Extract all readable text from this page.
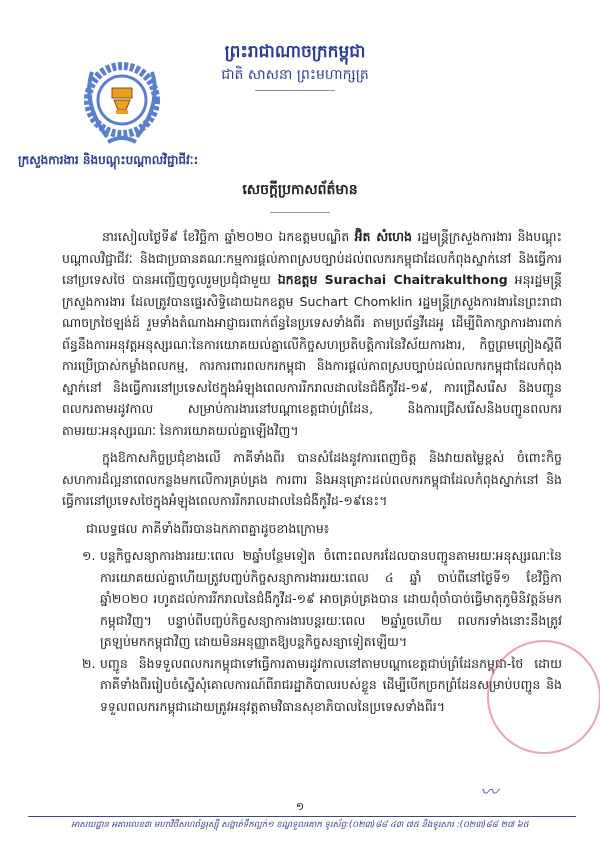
ព្រះរាជាណាចក្រកម្ពុជា
ជាតិ សាសនា ព្រះមហាក្សត្រ
ក្រសួងការងារ និងបណ្តុះបណ្តាលវិជ្ជាជីវៈ:
សេចក្តីប្រកាសព័ត៌មាន

នារសៀលថ្ងៃទី៩ ខែវិច្ឆិកា ឆ្នាំ២០២០ ឯកឧត្តមបណ្ឌិត អ៊ិត សំហេង រដ្ឋមន្ត្រីក្រសួងការងារ និងបណ្តុះបណ្តាលវិជ្ជាជីវៈ និងជាប្រធានគណៈកម្មការផ្តល់ភាពស្របច្បាប់ដល់ពលករកម្ពុជាដែលកំពុងស្នាក់នៅ និងធ្វើការនៅប្រទេសថៃ បានអញ្ជើញចូលរួមប្រជុំជាមួយ ឯកឧត្តម Surachai Chaitrakulthong អនុរដ្ឋមន្ត្រីក្រសួងការងារ ដែលត្រូវបានផ្ទេរសិទ្ធិដោយឯកឧត្តម Suchart Chomklin រដ្ឋមន្ត្រីក្រសួងការងារនៃព្រះរាជាណាចក្រថៃឡង់ដ៍ រួមទាំងតំណាងអាជ្ញាធរពាក់ព័ន្ធនៃប្រទេសទាំងពីរ តាមប្រព័ន្ធវីដេអូ ដើម្បីពិភាក្សាការងារពាក់ព័ន្ធនឹងការអនុវត្តអនុស្សរណៈនៃការយោគយល់គ្នាលើកិច្ចសហប្រតិបត្តិការនៃវិស័យការងារ, កិច្ចព្រមព្រៀងស្តីពីការប្រើប្រាស់កម្លាំងពលកម្ម, ការការពារពលករកម្ពុជា និងការផ្តល់ភាពស្របច្បាប់ដល់ពលករកម្ពុជាដែលកំពុងស្នាក់នៅ និងធ្វើការនៅប្រទេសថៃក្នុងអំឡុងពេលការរីករាលដាលនៃជំងឺកូវីដ-១៩, ការជ្រើសរើស និងបញ្ជូនពលករតាមរដូវកាល សម្រាប់ការងារនៅបណ្តាខេត្តជាប់ព្រំដែន, និងការជ្រើសរើសនិងបញ្ជូនពលករតាមរយៈអនុស្សរណៈ នៃការយោគយល់គ្នាឡើងវិញ។

ក្នុងឱកាសកិច្ចប្រជុំខាងលើ ភាគីទាំងពីរ បានសំដែងនូវការពេញចិត្ត និងវាយតម្លៃខ្ពស់ ចំពោះកិច្ចសហការដ៏ល្អនាពេលកន្លងមកលើការគ្រប់គ្រង ការពារ និងអនុគ្រោះដល់ពលករកម្ពុជាដែលកំពុងស្នាក់នៅ និងធ្វើការនៅប្រទេសថៃក្នុងអំឡុងពេលការរីករាលដាលនៃជំងឺកូវីដ-១៩នេះ។

ជាលទ្ធផល ភាគីទាំងពីរបានឯកភាពគ្នាដូចខាងក្រោម៖

១. បន្តកិច្ចសន្យាការងាររយៈពេល ២ឆ្នាំបន្ថែមទៀត ចំពោះពលករដែលបានបញ្ជូនតាមរយៈអនុស្សរណៈនៃការយោគយល់គ្នាហើយត្រូវបញ្ចប់កិច្ចសន្យាការងាររយៈពេល ៤ ឆ្នាំ ចាប់ពីនៅថ្ងៃទី១ ខែវិច្ឆិកា ឆ្នាំ២០២០ រហូតដល់ការរីករាលនៃជំងឺកូវីដ-១៩ អាចគ្រប់គ្រងបាន ដោយពុំចាំបាច់ធ្វើមាតុភូមិនិវត្តន៍មកកម្ពុជាវិញ។ បន្ទាប់ពីបញ្ចប់កិច្ចសន្យាការងារបន្តរយៈពេល ២ឆ្នាំរួចហើយ ពលករទាំងនោះនឹងត្រូវត្រឡប់មកកម្ពុជាវិញ ដោយមិនអនុញ្ញាតឱ្យបន្តកិច្ចសន្យាទៀតឡើយ។
២. បញ្ជូន និងទទួលពលករកម្ពុជាទៅធ្វើការតាមរដូវកាលនៅតាមបណ្តាខេត្តជាប់ព្រំដែនកម្ពុជា-ថៃ ដោយភាគីទាំងពីររៀបចំស្នើសុំគោលការណ៍ពីរាជរដ្ឋាភិបាលរបស់ខ្លួន ដើម្បីបើកច្រកព្រំដែនសម្រាប់បញ្ជូន និងទទួលពលករកម្ពុជាដោយត្រូវអនុវត្តតាមវិធានសុខាភិបាលនៃប្រទេសទាំងពីរ។
〰
១
អាសយដ្ឋាន អគារលេខ៣ មហាវិថីសហព័ន្ធរុស្ស៊ី សង្កាត់ទឹកល្អក់១ ខណ្ឌទួលគោក ទូរស័ព្ទ:(០២៣)៨៨ ៤៣ ៧៥ និងទូរសារ :(០២៣)៨៨ ២៧ ៦៥
